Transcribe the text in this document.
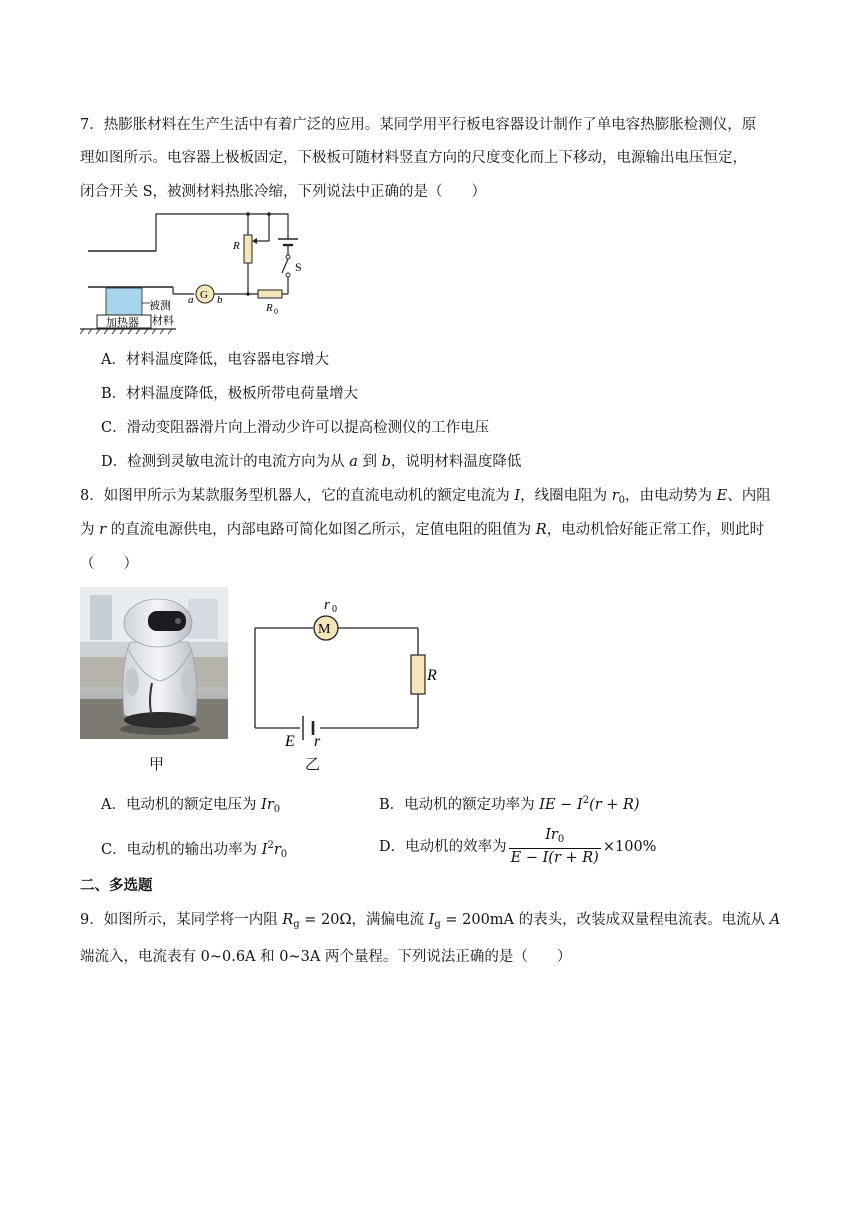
7．热膨胀材料在生产生活中有着广泛的应用。某同学用平行板电容器设计制作了单电容热膨胀检测仪，原
理如图所示。电容器上极板固定，下极板可随材料竖直方向的尺度变化而上下移动，电源输出电压恒定，
闭合开关 S，被测材料热胀冷缩，下列说法中正确的是（　　）
S
R
G
a b
R 0
被测
材料
加热器
A．材料温度降低，电容器电容增大
B．材料温度降低，极板所带电荷量增大
C．滑动变阻器滑片向上滑动少许可以提高检测仪的工作电压
D．检测到灵敏电流计的电流方向为从 a 到 b，说明材料温度降低
8．如图甲所示为某款服务型机器人，它的直流电动机的额定电流为 I，线圈电阻为 $r_0$，由电动势为 E、内阻
为 r 的直流电源供电，内部电路可简化如图乙所示，定值电阻的阻值为 R，电动机恰好能正常工作，则此时
（　　）
甲
M
r 0
R
E r
乙
A．电动机的额定电压为 $Ir_0$	B．电动机的额定功率为 IE − $I^2(r + R)$
C．电动机的输出功率为 $I^2r_0$	D．电动机的效率为 $\frac{Ir_0}{E - I(r + R)} \times 100\%$
二、多选题
9．如图所示，某同学将一内阻 $R_g = 20\Omega$，满偏电流 $I_g = 200mA$ 的表头，改装成双量程电流表。电流从 A
端流入，电流表有 0~0.6A 和 0~3A 两个量程。下列说法正确的是（　　）
